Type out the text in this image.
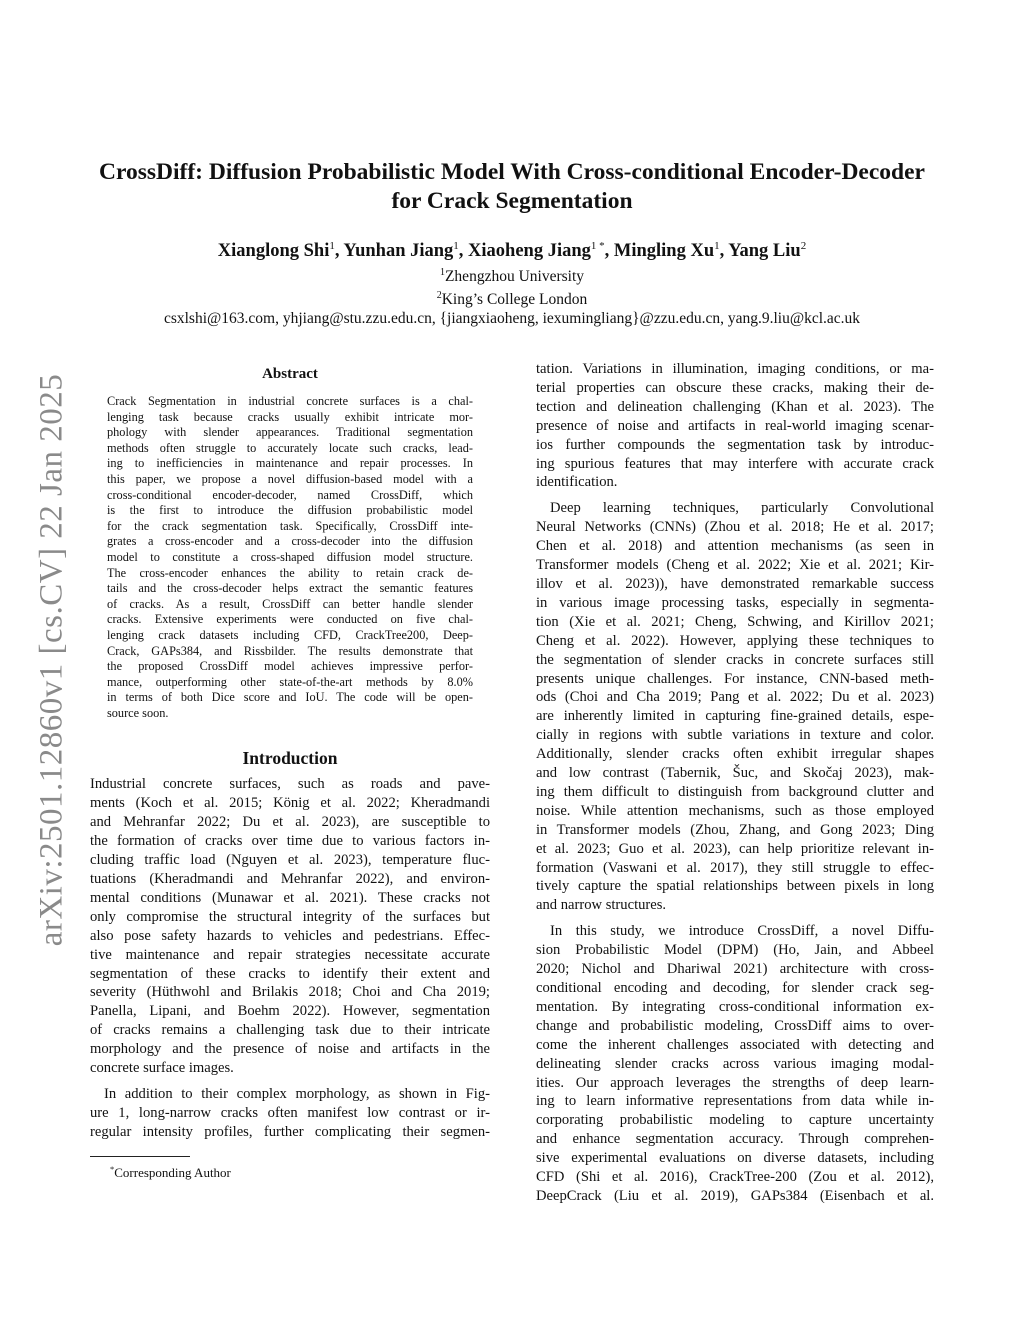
arXiv:2501.12860v1 [cs.CV] 22 Jan 2025
CrossDiff: Diffusion Probabilistic Model With Cross-conditional Encoder-Decoder
for Crack Segmentation
Xianglong Shi$^1$, Yunhan Jiang$^1$, Xiaoheng Jiang$^{1 *}$, Mingling Xu$^1$, Yang Liu$^2$
$^1$Zhengzhou University
$^2$King’s College London
csxlshi@163.com, yhjiang@stu.zzu.edu.cn, {jiangxiaoheng, iexumingliang}@zzu.edu.cn, yang.9.liu@kcl.ac.uk
Abstract
Crack Segmentation in industrial concrete surfaces is a chal-
lenging task because cracks usually exhibit intricate mor-
phology with slender appearances. Traditional segmentation
methods often struggle to accurately locate such cracks, lead-
ing to inefficiencies in maintenance and repair processes. In
this paper, we propose a novel diffusion-based model with a
cross-conditional encoder-decoder, named CrossDiff, which
is the first to introduce the diffusion probabilistic model
for the crack segmentation task. Specifically, CrossDiff inte-
grates a cross-encoder and a cross-decoder into the diffusion
model to constitute a cross-shaped diffusion model structure.
The cross-encoder enhances the ability to retain crack de-
tails and the cross-decoder helps extract the semantic features
of cracks. As a result, CrossDiff can better handle slender
cracks. Extensive experiments were conducted on five chal-
lenging crack datasets including CFD, CrackTree200, Deep-
Crack, GAPs384, and Rissbilder. The results demonstrate that
the proposed CrossDiff model achieves impressive perfor-
mance, outperforming other state-of-the-art methods by 8.0%
in terms of both Dice score and IoU. The code will be open-
source soon.
Introduction
Industrial concrete surfaces, such as roads and pave-
ments (Koch et al. 2015; König et al. 2022; Kheradmandi
and Mehranfar 2022; Du et al. 2023), are susceptible to
the formation of cracks over time due to various factors in-
cluding traffic load (Nguyen et al. 2023), temperature fluc-
tuations (Kheradmandi and Mehranfar 2022), and environ-
mental conditions (Munawar et al. 2021). These cracks not
only compromise the structural integrity of the surfaces but
also pose safety hazards to vehicles and pedestrians. Effec-
tive maintenance and repair strategies necessitate accurate
segmentation of these cracks to identify their extent and
severity (Hüthwohl and Brilakis 2018; Choi and Cha 2019;
Panella, Lipani, and Boehm 2022). However, segmentation
of cracks remains a challenging task due to their intricate
morphology and the presence of noise and artifacts in the
concrete surface images.
In addition to their complex morphology, as shown in Fig-
ure 1, long-narrow cracks often manifest low contrast or ir-
regular intensity profiles, further complicating their segmen-
tation. Variations in illumination, imaging conditions, or ma-
terial properties can obscure these cracks, making their de-
tection and delineation challenging (Khan et al. 2023). The
presence of noise and artifacts in real-world imaging scenar-
ios further compounds the segmentation task by introduc-
ing spurious features that may interfere with accurate crack
identification.
Deep learning techniques, particularly Convolutional
Neural Networks (CNNs) (Zhou et al. 2018; He et al. 2017;
Chen et al. 2018) and attention mechanisms (as seen in
Transformer models (Cheng et al. 2022; Xie et al. 2021; Kir-
illov et al. 2023)), have demonstrated remarkable success
in various image processing tasks, especially in segmenta-
tion (Xie et al. 2021; Cheng, Schwing, and Kirillov 2021;
Cheng et al. 2022). However, applying these techniques to
the segmentation of slender cracks in concrete surfaces still
presents unique challenges. For instance, CNN-based meth-
ods (Choi and Cha 2019; Pang et al. 2022; Du et al. 2023)
are inherently limited in capturing fine-grained details, espe-
cially in regions with subtle variations in texture and color.
Additionally, slender cracks often exhibit irregular shapes
and low contrast (Tabernik, Šuc, and Skočaj 2023), mak-
ing them difficult to distinguish from background clutter and
noise. While attention mechanisms, such as those employed
in Transformer models (Zhou, Zhang, and Gong 2023; Ding
et al. 2023; Guo et al. 2023), can help prioritize relevant in-
formation (Vaswani et al. 2017), they still struggle to effec-
tively capture the spatial relationships between pixels in long
and narrow structures.
In this study, we introduce CrossDiff, a novel Diffu-
sion Probabilistic Model (DPM) (Ho, Jain, and Abbeel
2020; Nichol and Dhariwal 2021) architecture with cross-
conditional encoding and decoding, for slender crack seg-
mentation. By integrating cross-conditional information ex-
change and probabilistic modeling, CrossDiff aims to over-
come the inherent challenges associated with detecting and
delineating slender cracks across various imaging modal-
ities. Our approach leverages the strengths of deep learn-
ing to learn informative representations from data while in-
corporating probabilistic modeling to capture uncertainty
and enhance segmentation accuracy. Through comprehen-
sive experimental evaluations on diverse datasets, including
CFD (Shi et al. 2016), CrackTree-200 (Zou et al. 2012),
DeepCrack (Liu et al. 2019), GAPs384 (Eisenbach et al.
*Corresponding Author
